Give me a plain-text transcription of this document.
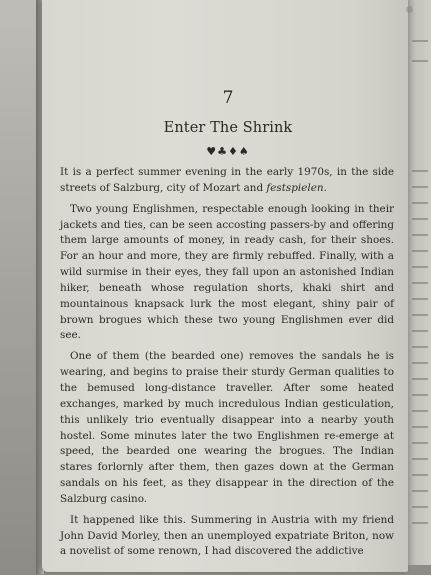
7
Enter The Shrink
♥♣♦♠

It is a perfect summer evening in the early 1970s, in the side streets of Salzburg, city of Mozart and festspielen.

Two young Englishmen, respectable enough looking in their jackets and ties, can be seen accosting passers-by and offering them large amounts of money, in ready cash, for their shoes. For an hour and more, they are firmly rebuffed. Finally, with a wild surmise in their eyes, they fall upon an astonished Indian hiker, beneath whose regulation shorts, khaki shirt and mountainous knapsack lurk the most elegant, shiny pair of brown brogues which these two young Englishmen ever did see.

One of them (the bearded one) removes the sandals he is wearing, and begins to praise their sturdy German qualities to the bemused long-distance traveller. After some heated exchanges, marked by much incredulous Indian gesticulation, this unlikely trio eventually disappear into a nearby youth hostel. Some minutes later the two Englishmen re-emerge at speed, the bearded one wearing the brogues. The Indian stares forlornly after them, then gazes down at the German sandals on his feet, as they disappear in the direction of the Salzburg casino.

It happened like this. Summering in Austria with my friend John David Morley, then an unemployed expatriate Briton, now a novelist of some renown, I had discovered the addictive
